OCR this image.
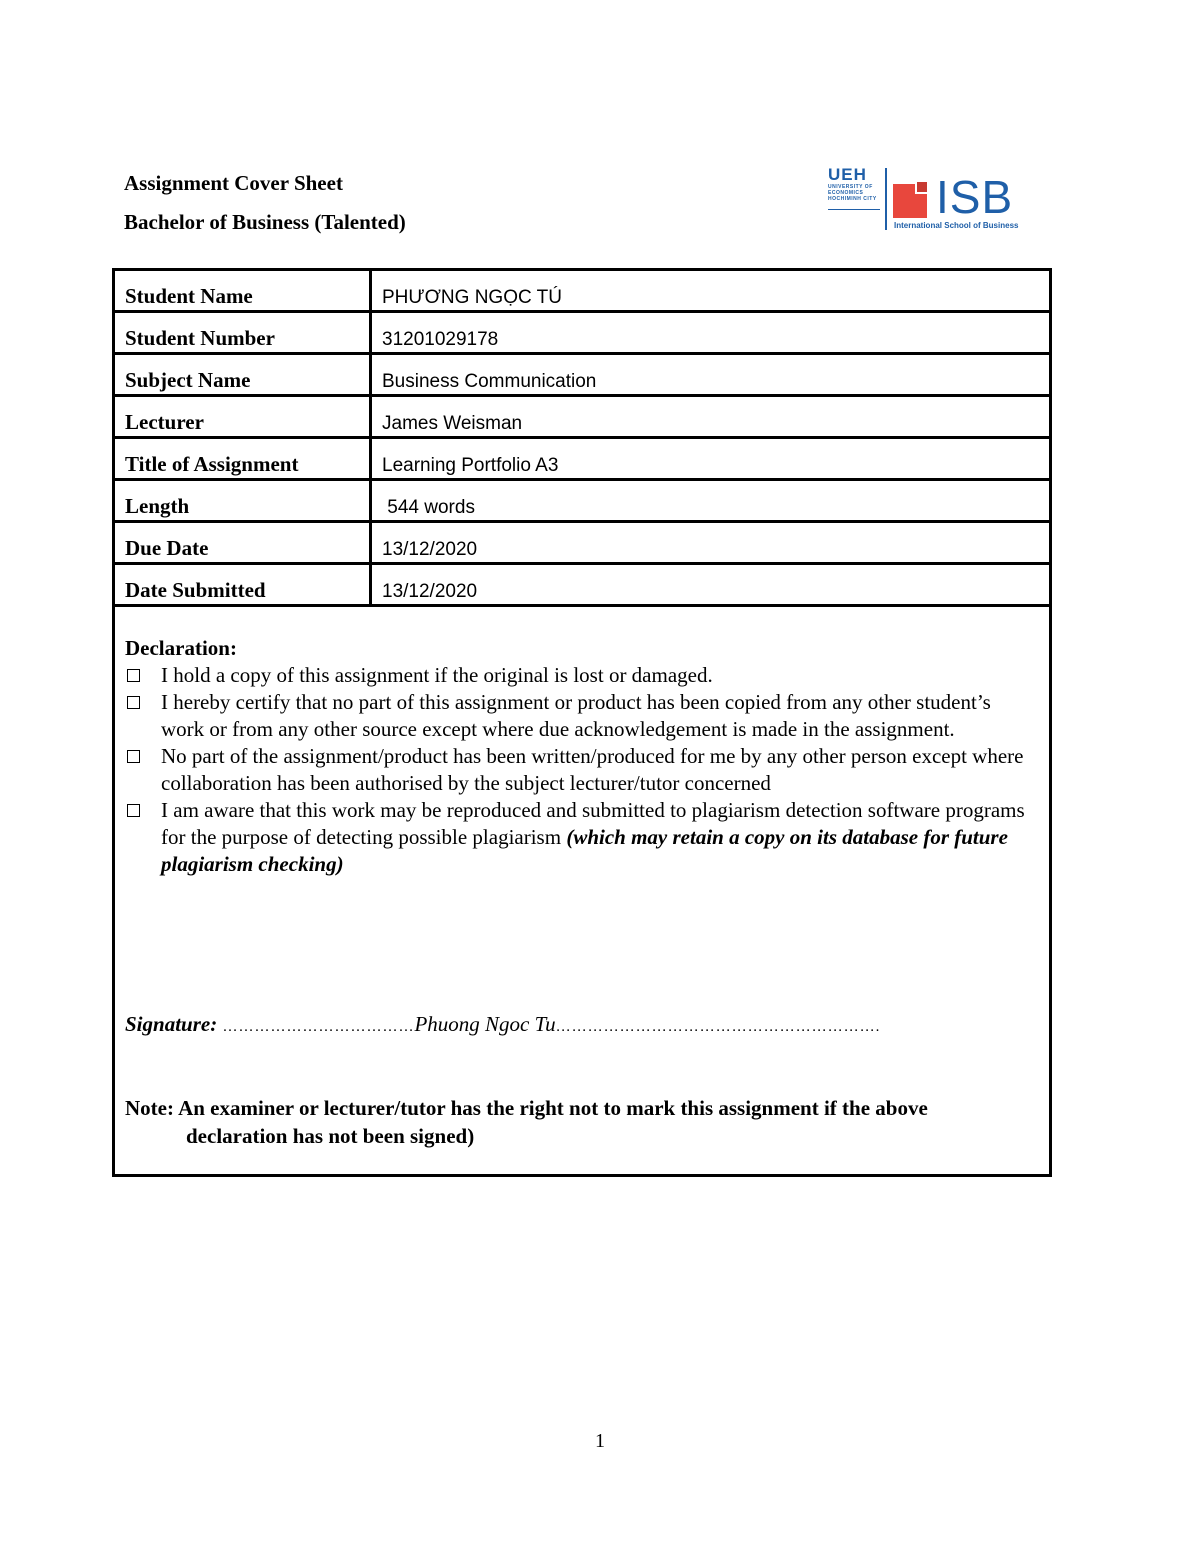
Assignment Cover Sheet
Bachelor of Business (Talented)
UEH
UNIVERSITY OF
ECONOMICS
HOCHIMINH CITY ISB
International School of Business
Student Name	PHƯƠNG NGỌC TÚ
Student Number	31201029178
Subject Name	Business Communication
Lecturer	James Weisman
Title of Assignment	Learning Portfolio A3
Length	544 words
Due Date	13/12/2020
Date Submitted	13/12/2020
Declaration:
I hold a copy of this assignment if the original is lost or damaged.
I hereby certify that no part of this assignment or product has been copied from any other student’s work or from any other source except where due acknowledgement is made in the assignment.
No part of the assignment/product has been written/produced for me by any other person except where collaboration has been authorised by the subject lecturer/tutor concerned
I am aware that this work may be reproduced and submitted to plagiarism detection software programs for the purpose of detecting possible plagiarism (which may retain a copy on its database for future plagiarism checking)
Signature: ………………………………Phuong Ngoc Tu…………………………………………………….
Note: An examiner or lecturer/tutor has the right not to mark this assignment if the above
declaration has not been signed)
1
